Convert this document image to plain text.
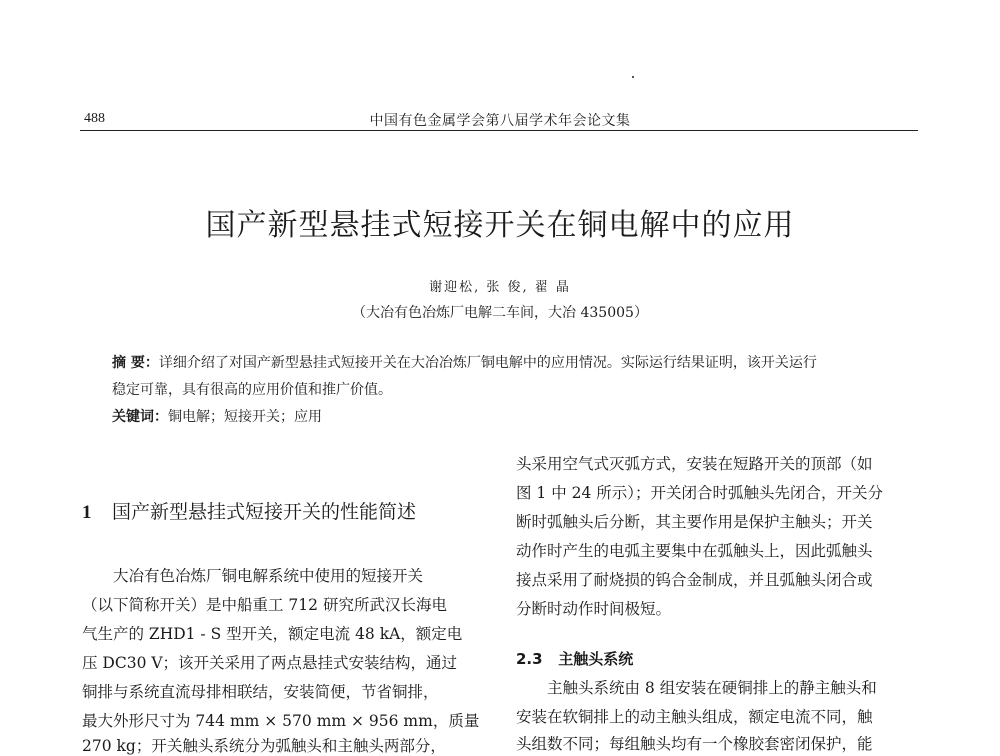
488	中国有色金属学会第八届学术年会论文集
国产新型悬挂式短接开关在铜电解中的应用
谢迎松, 张 俊, 翟 晶
（大冶有色冶炼厂电解二车间，大冶 435005）
摘 要：详细介绍了对国产新型悬挂式短接开关在大冶冶炼厂铜电解中的应用情况。实际运行结果证明，该开关运行
稳定可靠，具有很高的应用价值和推广价值。
关键词：铜电解；短接开关；应用
1 国产新型悬挂式短接开关的性能简述
　　大冶有色冶炼厂铜电解系统中使用的短接开关
（以下简称开关）是中船重工 712 研究所武汉长海电
气生产的 ZHD1 - S 型开关，额定电流 48 kA，额定电
压 DC30 V；该开关采用了两点悬挂式安装结构，通过
铜排与系统直流母排相联结，安装简便，节省铜排，
最大外形尺寸为 744 mm × 570 mm × 956 mm，质量
270 kg；开关触头系统分为弧触头和主触头两部分，
头采用空气式灭弧方式，安装在短路开关的顶部（如
图 1 中 24 所示）；开关闭合时弧触头先闭合，开关分
断时弧触头后分断，其主要作用是保护主触头；开关
动作时产生的电弧主要集中在弧触头上，因此弧触头
接点采用了耐烧损的钨合金制成，并且弧触头闭合或
分断时动作时间极短。
2.3 主触头系统
　　主触头系统由 8 组安装在硬铜排上的静主触头和
安装在软铜排上的动主触头组成，额定电流不同，触
头组数不同；每组触头均有一个橡胶套密闭保护，能
